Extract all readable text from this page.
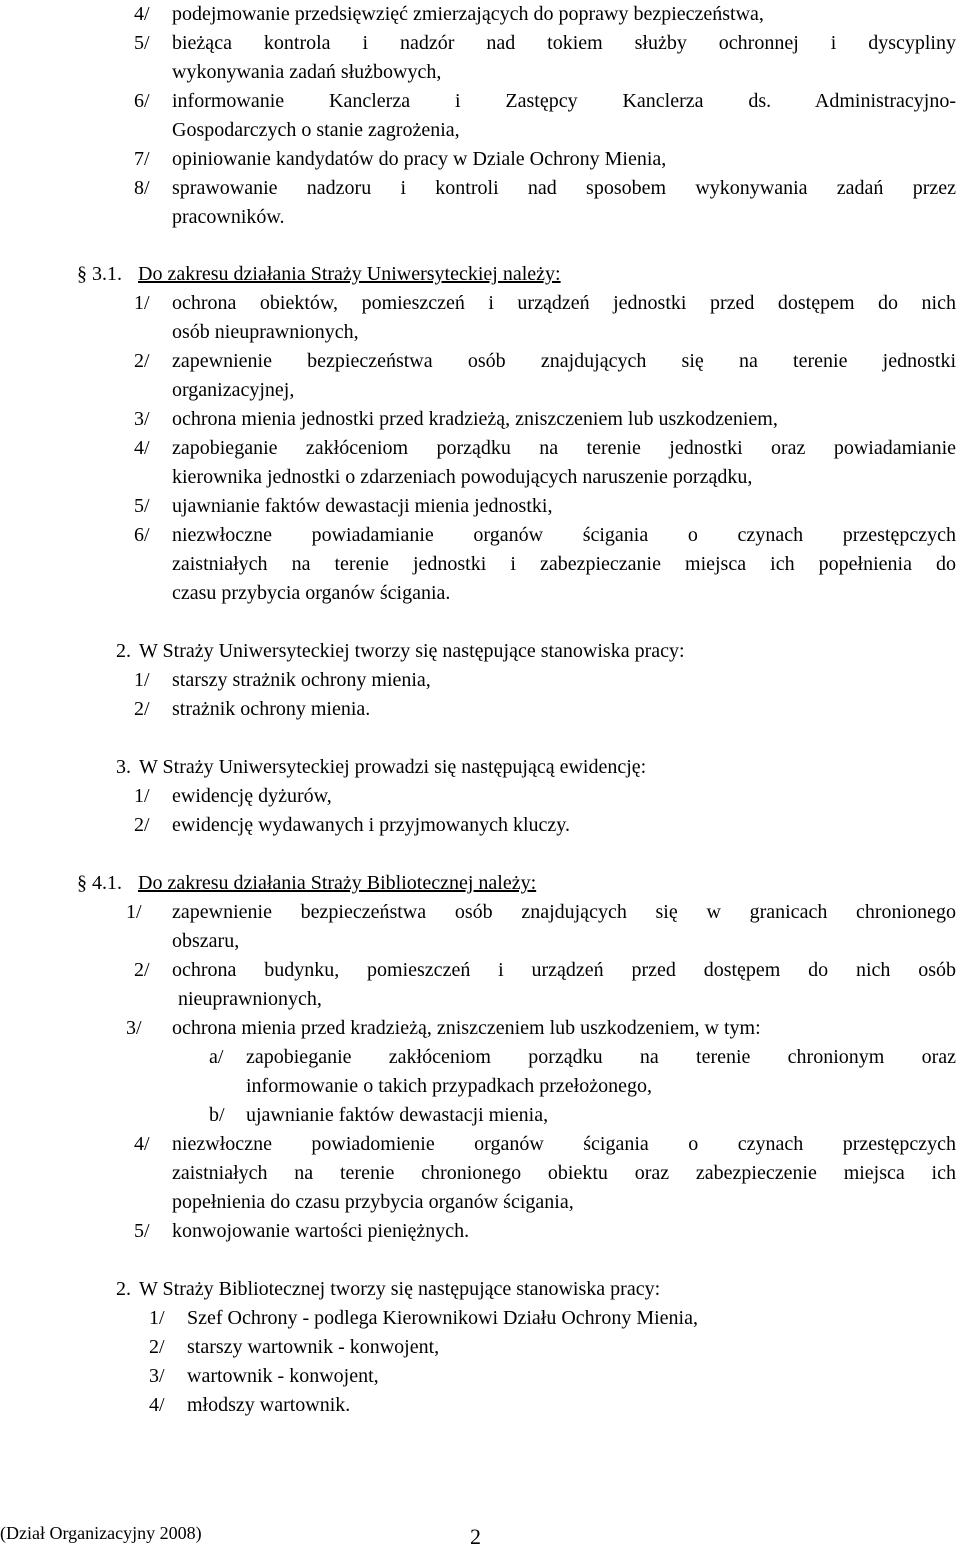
4/ podejmowanie przedsięwzięć zmierzających do poprawy bezpieczeństwa,
5/ bieżąca kontrola i nadzór nad tokiem służby ochronnej i dyscypliny
wykonywania zadań służbowych,
6/ informowanie Kanclerza i Zastępcy Kanclerza ds. Administracyjno-
Gospodarczych o stanie zagrożenia,
7/ opiniowanie kandydatów do pracy w Dziale Ochrony Mienia,
8/ sprawowanie nadzoru i kontroli nad sposobem wykonywania zadań przez
pracowników.
§ 3.1. Do zakresu działania Straży Uniwersyteckiej należy:
1/ ochrona obiektów, pomieszczeń i urządzeń jednostki przed dostępem do nich
osób nieuprawnionych,
2/ zapewnienie bezpieczeństwa osób znajdujących się na terenie jednostki
organizacyjnej,
3/ ochrona mienia jednostki przed kradzieżą, zniszczeniem lub uszkodzeniem,
4/ zapobieganie zakłóceniom porządku na terenie jednostki oraz powiadamianie
kierownika jednostki o zdarzeniach powodujących naruszenie porządku,
5/ ujawnianie faktów dewastacji mienia jednostki,
6/ niezwłoczne powiadamianie organów ścigania o czynach przestępczych
zaistniałych na terenie jednostki i zabezpieczanie miejsca ich popełnienia do
czasu przybycia organów ścigania.
2. W Straży Uniwersyteckiej tworzy się następujące stanowiska pracy:
1/ starszy strażnik ochrony mienia,
2/ strażnik ochrony mienia.
3. W Straży Uniwersyteckiej prowadzi się następującą ewidencję:
1/ ewidencję dyżurów,
2/ ewidencję wydawanych i przyjmowanych kluczy.
§ 4.1. Do zakresu działania Straży Bibliotecznej należy:
1/ zapewnienie bezpieczeństwa osób znajdujących się w granicach chronionego
obszaru,
2/ ochrona budynku, pomieszczeń i urządzeń przed dostępem do nich osób
nieuprawnionych,
3/ ochrona mienia przed kradzieżą, zniszczeniem lub uszkodzeniem, w tym:
a/ zapobieganie zakłóceniom porządku na terenie chronionym oraz
informowanie o takich przypadkach przełożonego,
b/ ujawnianie faktów dewastacji mienia,
4/ niezwłoczne powiadomienie organów ścigania o czynach przestępczych
zaistniałych na terenie chronionego obiektu oraz zabezpieczenie miejsca ich
popełnienia do czasu przybycia organów ścigania,
5/ konwojowanie wartości pieniężnych.
2. W Straży Bibliotecznej tworzy się następujące stanowiska pracy:
1/ Szef Ochrony - podlega Kierownikowi Działu Ochrony Mienia,
2/ starszy wartownik - konwojent,
3/ wartownik - konwojent,
4/ młodszy wartownik.
(Dział Organizacyjny 2008)	2
